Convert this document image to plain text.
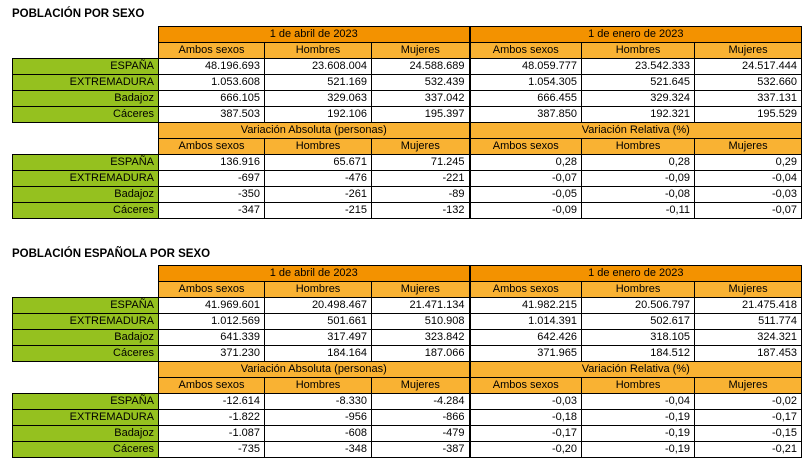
POBLACIÓN POR SEXO
	1 de abril de 2023			1 de enero de 2023		
	Ambos sexos	Hombres	Mujeres	Ambos sexos	Hombres	Mujeres
ESPAÑA	48.196.693	23.608.004	24.588.689	48.059.777	23.542.333	24.517.444
EXTREMADURA	1.053.608	521.169	532.439	1.054.305	521.645	532.660
Badajoz	666.105	329.063	337.042	666.455	329.324	337.131
Cáceres	387.503	192.106	195.397	387.850	192.321	195.529
	Variación Absoluta (personas)			Variación Relativa (%)		
	Ambos sexos	Hombres	Mujeres	Ambos sexos	Hombres	Mujeres
ESPAÑA	136.916	65.671	71.245	0,28	0,28	0,29
EXTREMADURA	-697	-476	-221	-0,07	-0,09	-0,04
Badajoz	-350	-261	-89	-0,05	-0,08	-0,03
Cáceres	-347	-215	-132	-0,09	-0,11	-0,07
POBLACIÓN ESPAÑOLA POR SEXO
	1 de abril de 2023			1 de enero de 2023		
	Ambos sexos	Hombres	Mujeres	Ambos sexos	Hombres	Mujeres
ESPAÑA	41.969.601	20.498.467	21.471.134	41.982.215	20.506.797	21.475.418
EXTREMADURA	1.012.569	501.661	510.908	1.014.391	502.617	511.774
Badajoz	641.339	317.497	323.842	642.426	318.105	324.321
Cáceres	371.230	184.164	187.066	371.965	184.512	187.453
	Variación Absoluta (personas)			Variación Relativa (%)		
	Ambos sexos	Hombres	Mujeres	Ambos sexos	Hombres	Mujeres
ESPAÑA	-12.614	-8.330	-4.284	-0,03	-0,04	-0,02
EXTREMADURA	-1.822	-956	-866	-0,18	-0,19	-0,17
Badajoz	-1.087	-608	-479	-0,17	-0,19	-0,15
Cáceres	-735	-348	-387	-0,20	-0,19	-0,21
